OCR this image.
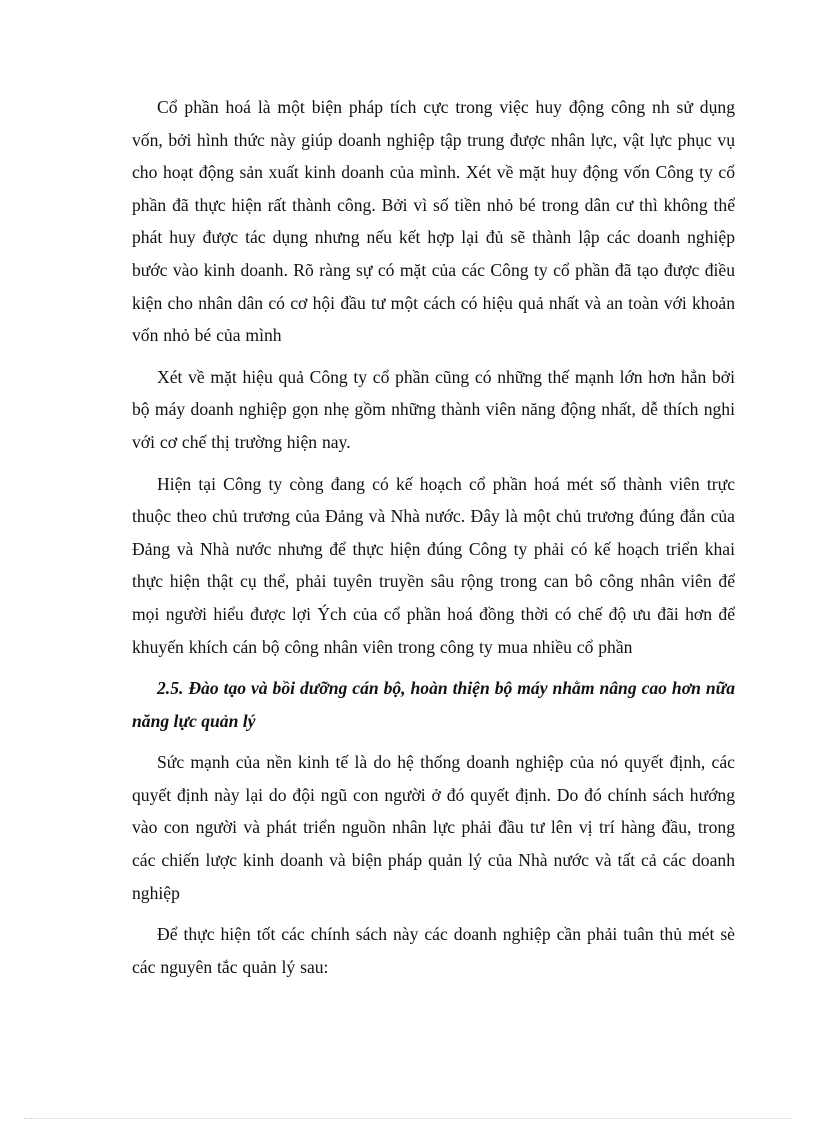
Cổ phần hoá là một biện pháp tích cực trong việc huy động công nh sử dụng vốn, bởi hình thức này giúp doanh nghiệp tập trung được nhân lực, vật lực phục vụ cho hoạt động sản xuất kinh doanh của mình. Xét về mặt huy động vốn Công ty cổ phần đã thực hiện rất thành công. Bởi vì số tiền nhỏ bé trong dân cư thì không thể phát huy được tác dụng nhưng nếu kết hợp lại đủ sẽ thành lập các doanh nghiệp bước vào kinh doanh. Rõ ràng sự có mặt của các Công ty cổ phần đã tạo được điều kiện cho nhân dân có cơ hội đầu tư một cách có hiệu quả nhất và an toàn với khoản vốn nhỏ bé của mình

Xét về mặt hiệu quả Công ty cổ phần cũng có những thế mạnh lớn hơn hẳn bởi bộ máy doanh nghiệp gọn nhẹ gồm những thành viên năng động nhất, dễ thích nghi với cơ chế thị trường hiện nay.

Hiện tại Công ty còng đang có kế hoạch cổ phần hoá mét số thành viên trực thuộc theo chủ trương của Đảng và Nhà nước. Đây là một chủ trương đúng đắn của Đảng và Nhà nước nhưng để thực hiện đúng Công ty phải có kế hoạch triển khai thực hiện thật cụ thể, phải tuyên truyền sâu rộng trong can bô công nhân viên để mọi người hiểu được lợi Ých của cổ phần hoá đồng thời có chế độ ưu đãi hơn để khuyến khích cán bộ công nhân viên trong công ty mua nhiều cổ phần

2.5. Đào tạo và bồi dưỡng cán bộ, hoàn thiện bộ máy nhằm nâng cao hơn nữa năng lực quản lý

Sức mạnh của nền kinh tế là do hệ thống doanh nghiệp của nó quyết định, các quyết định này lại do đội ngũ con người ở đó quyết định. Do đó chính sách hướng vào con người và phát triển nguồn nhân lực phải đầu tư lên vị trí hàng đầu, trong các chiến lược kinh doanh và biện pháp quản lý của Nhà nước và tất cả các doanh nghiệp

Để thực hiện tốt các chính sách này các doanh nghiệp cần phải tuân thủ mét sè các nguyên tắc quản lý sau:
